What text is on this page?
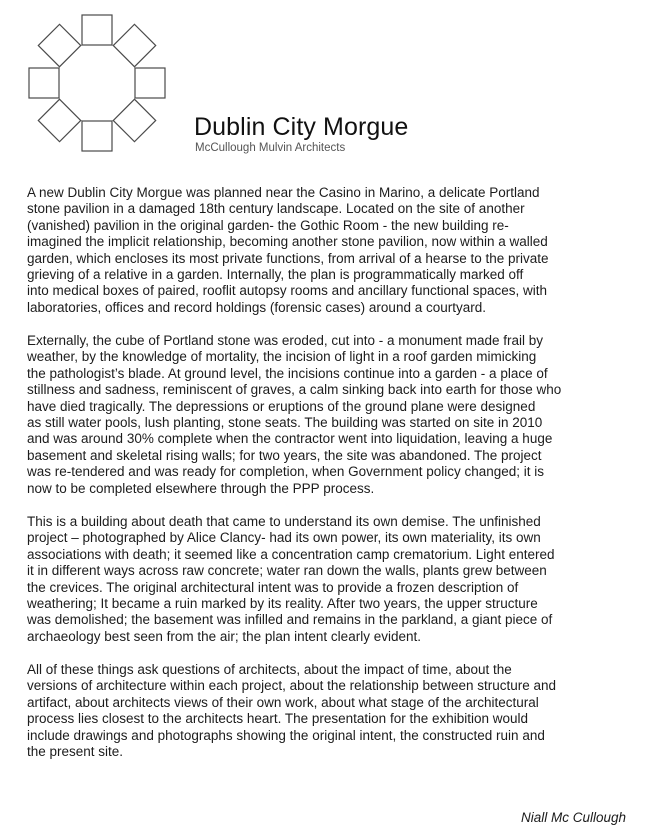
Dublin City Morgue
McCullough Mulvin Architects

A new Dublin City Morgue was planned near the Casino in Marino, a delicate Portland
stone pavilion in a damaged 18th century landscape. Located on the site of another
(vanished) pavilion in the original garden- the Gothic Room - the new building re-
imagined the implicit relationship, becoming another stone pavilion, now within a walled
garden, which encloses its most private functions, from arrival of a hearse to the private
grieving of a relative in a garden. Internally, the plan is programmatically marked off
into medical boxes of paired, rooflit autopsy rooms and ancillary functional spaces, with
laboratories, offices and record holdings (forensic cases) around a courtyard.

Externally, the cube of Portland stone was eroded, cut into - a monument made frail by
weather, by the knowledge of mortality, the incision of light in a roof garden mimicking
the pathologist’s blade. At ground level, the incisions continue into a garden - a place of
stillness and sadness, reminiscent of graves, a calm sinking back into earth for those who
have died tragically. The depressions or eruptions of the ground plane were designed
as still water pools, lush planting, stone seats. The building was started on site in 2010
and was around 30% complete when the contractor went into liquidation, leaving a huge
basement and skeletal rising walls; for two years, the site was abandoned. The project
was re-tendered and was ready for completion, when Government policy changed; it is
now to be completed elsewhere through the PPP process.

This is a building about death that came to understand its own demise. The unfinished
project – photographed by Alice Clancy- had its own power, its own materiality, its own
associations with death; it seemed like a concentration camp crematorium. Light entered
it in different ways across raw concrete; water ran down the walls, plants grew between
the crevices. The original architectural intent was to provide a frozen description of
weathering; It became a ruin marked by its reality. After two years, the upper structure
was demolished; the basement was infilled and remains in the parkland, a giant piece of
archaeology best seen from the air; the plan intent clearly evident.

All of these things ask questions of architects, about the impact of time, about the
versions of architecture within each project, about the relationship between structure and
artifact, about architects views of their own work, about what stage of the architectural
process lies closest to the architects heart. The presentation for the exhibition would
include drawings and photographs showing the original intent, the constructed ruin and
the present site.

Niall Mc Cullough
